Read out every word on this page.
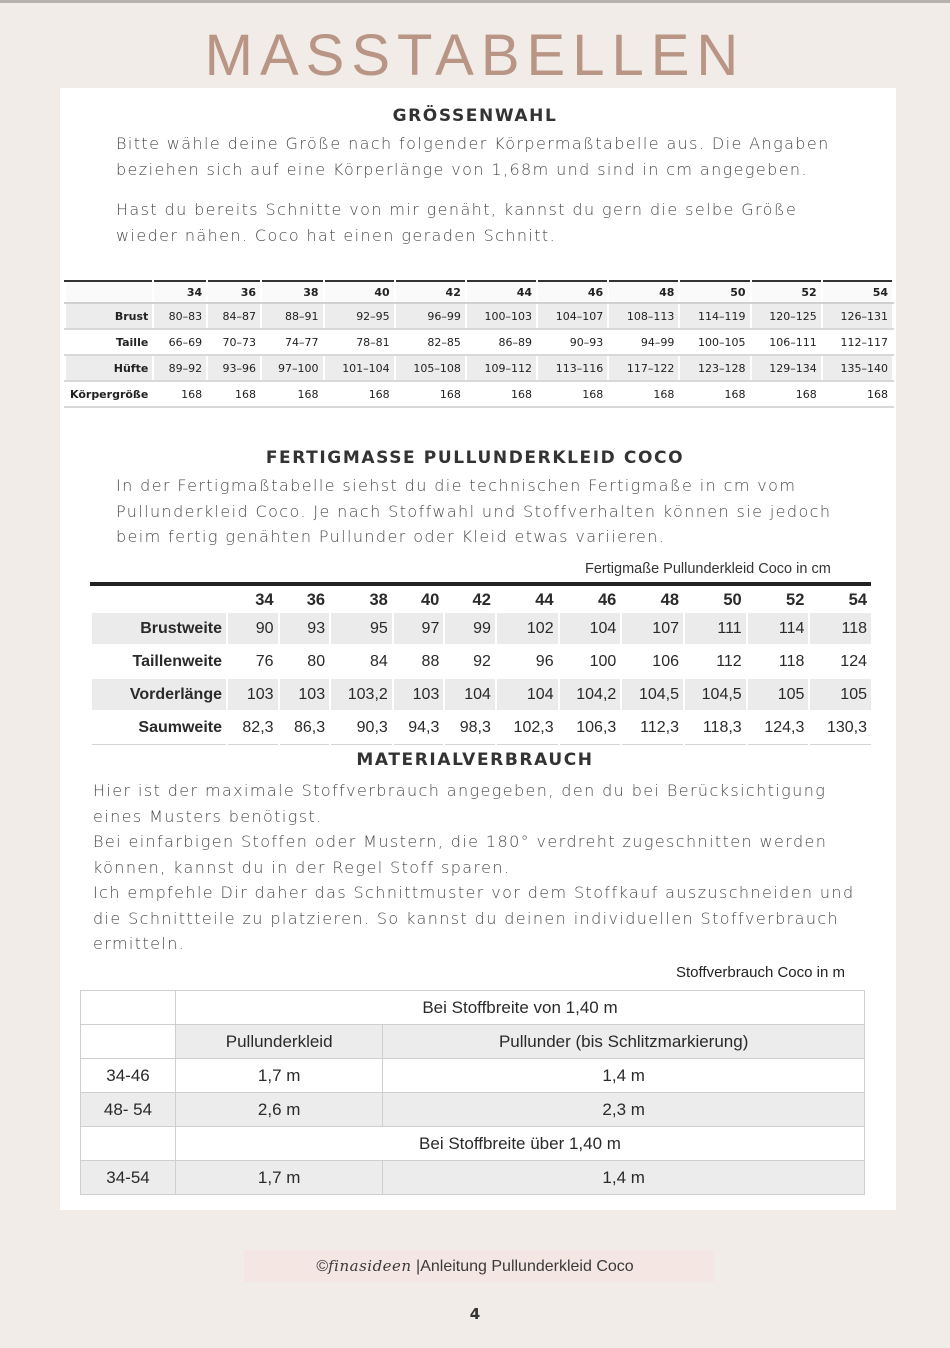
MASSTABELLEN
GRÖSSENWAHL
Bitte wähle deine Größe nach folgender Körpermaßtabelle aus. Die Angaben
beziehen sich auf eine Körperlänge von 1,68m und sind in cm angegeben.
Hast du bereits Schnitte von mir genäht, kannst du gern die selbe Größe
wieder nähen. Coco hat einen geraden Schnitt.
	34	36	38	40	42	44	46	48	50	52	54
Brust	80–83	84–87	88–91	92–95	96–99	100–103	104–107	108–113	114–119	120–125	126–131
Taille	66–69	70–73	74–77	78–81	82–85	86–89	90–93	94–99	100–105	106–111	112–117
Hüfte	89–92	93–96	97–100	101–104	105–108	109–112	113–116	117–122	123–128	129–134	135–140
Körpergröße	168	168	168	168	168	168	168	168	168	168	168
FERTIGMASSE PULLUNDERKLEID COCO
In der Fertigmaßtabelle siehst du die technischen Fertigmaße in cm vom
Pullunderkleid Coco. Je nach Stoffwahl und Stoffverhalten können sie jedoch
beim fertig genähten Pullunder oder Kleid etwas variieren.
Fertigmaße Pullunderkleid Coco in cm
	34	36	38	40	42	44	46	48	50	52	54
Brustweite	90	93	95	97	99	102	104	107	111	114	118
Taillenweite	76	80	84	88	92	96	100	106	112	118	124
Vorderlänge	103	103	103,2	103	104	104	104,2	104,5	104,5	105	105
Saumweite	82,3	86,3	90,3	94,3	98,3	102,3	106,3	112,3	118,3	124,3	130,3
MATERIALVERBRAUCH
Hier ist der maximale Stoffverbrauch angegeben, den du bei Berücksichtigung
eines Musters benötigst.
Bei einfarbigen Stoffen oder Mustern, die 180° verdreht zugeschnitten werden
können, kannst du in der Regel Stoff sparen.
Ich empfehle Dir daher das Schnittmuster vor dem Stoffkauf auszuschneiden und
die Schnittteile zu platzieren. So kannst du deinen individuellen Stoffverbrauch
ermitteln.
Stoffverbrauch Coco in m
	Bei Stoffbreite von 1,40 m	
	Pullunderkleid	Pullunder (bis Schlitzmarkierung)
34-46	1,7 m	1,4 m
48- 54	2,6 m	2,3 m
	Bei Stoffbreite über 1,40 m	
34-54	1,7 m	1,4 m
©finasideen |Anleitung Pullunderkleid Coco
4
